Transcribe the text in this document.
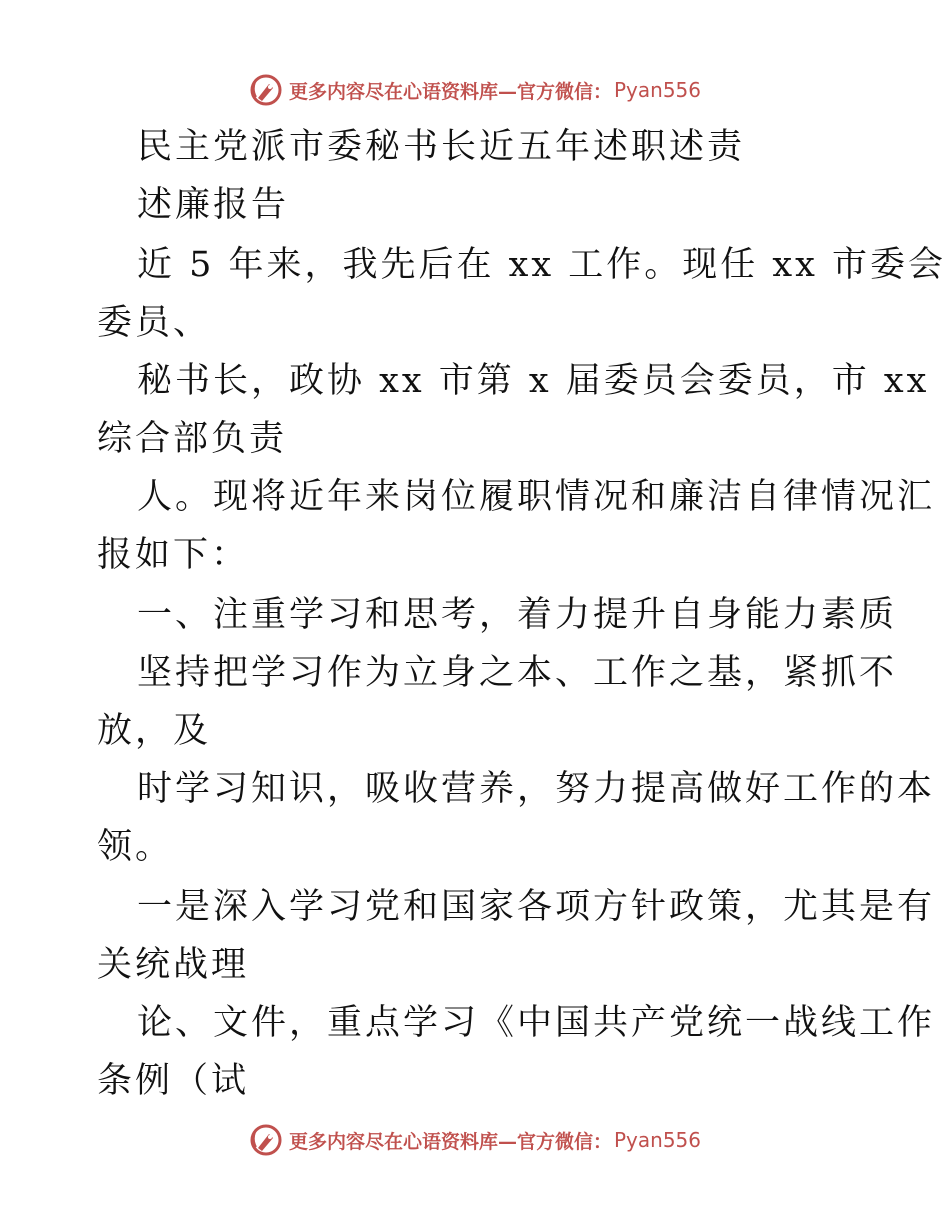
更多内容尽在心语资料库—官方微信： Pyan556
民主党派市委秘书长近五年述职述责
述廉报告
近 5 年来，我先后在 xx 工作。现任 xx 市委会
委员、
秘书长，政协 xx 市第 x 届委员会委员，市 xx
综合部负责
人。现将近年来岗位履职情况和廉洁自律情况汇
报如下：
一、注重学习和思考，着力提升自身能力素质
坚持把学习作为立身之本、工作之基，紧抓不
放，及
时学习知识，吸收营养，努力提高做好工作的本
领。
一是深入学习党和国家各项方针政策，尤其是有
关统战理
论、文件，重点学习《中国共产党统一战线工作
条例（试
更多内容尽在心语资料库—官方微信： Pyan556
